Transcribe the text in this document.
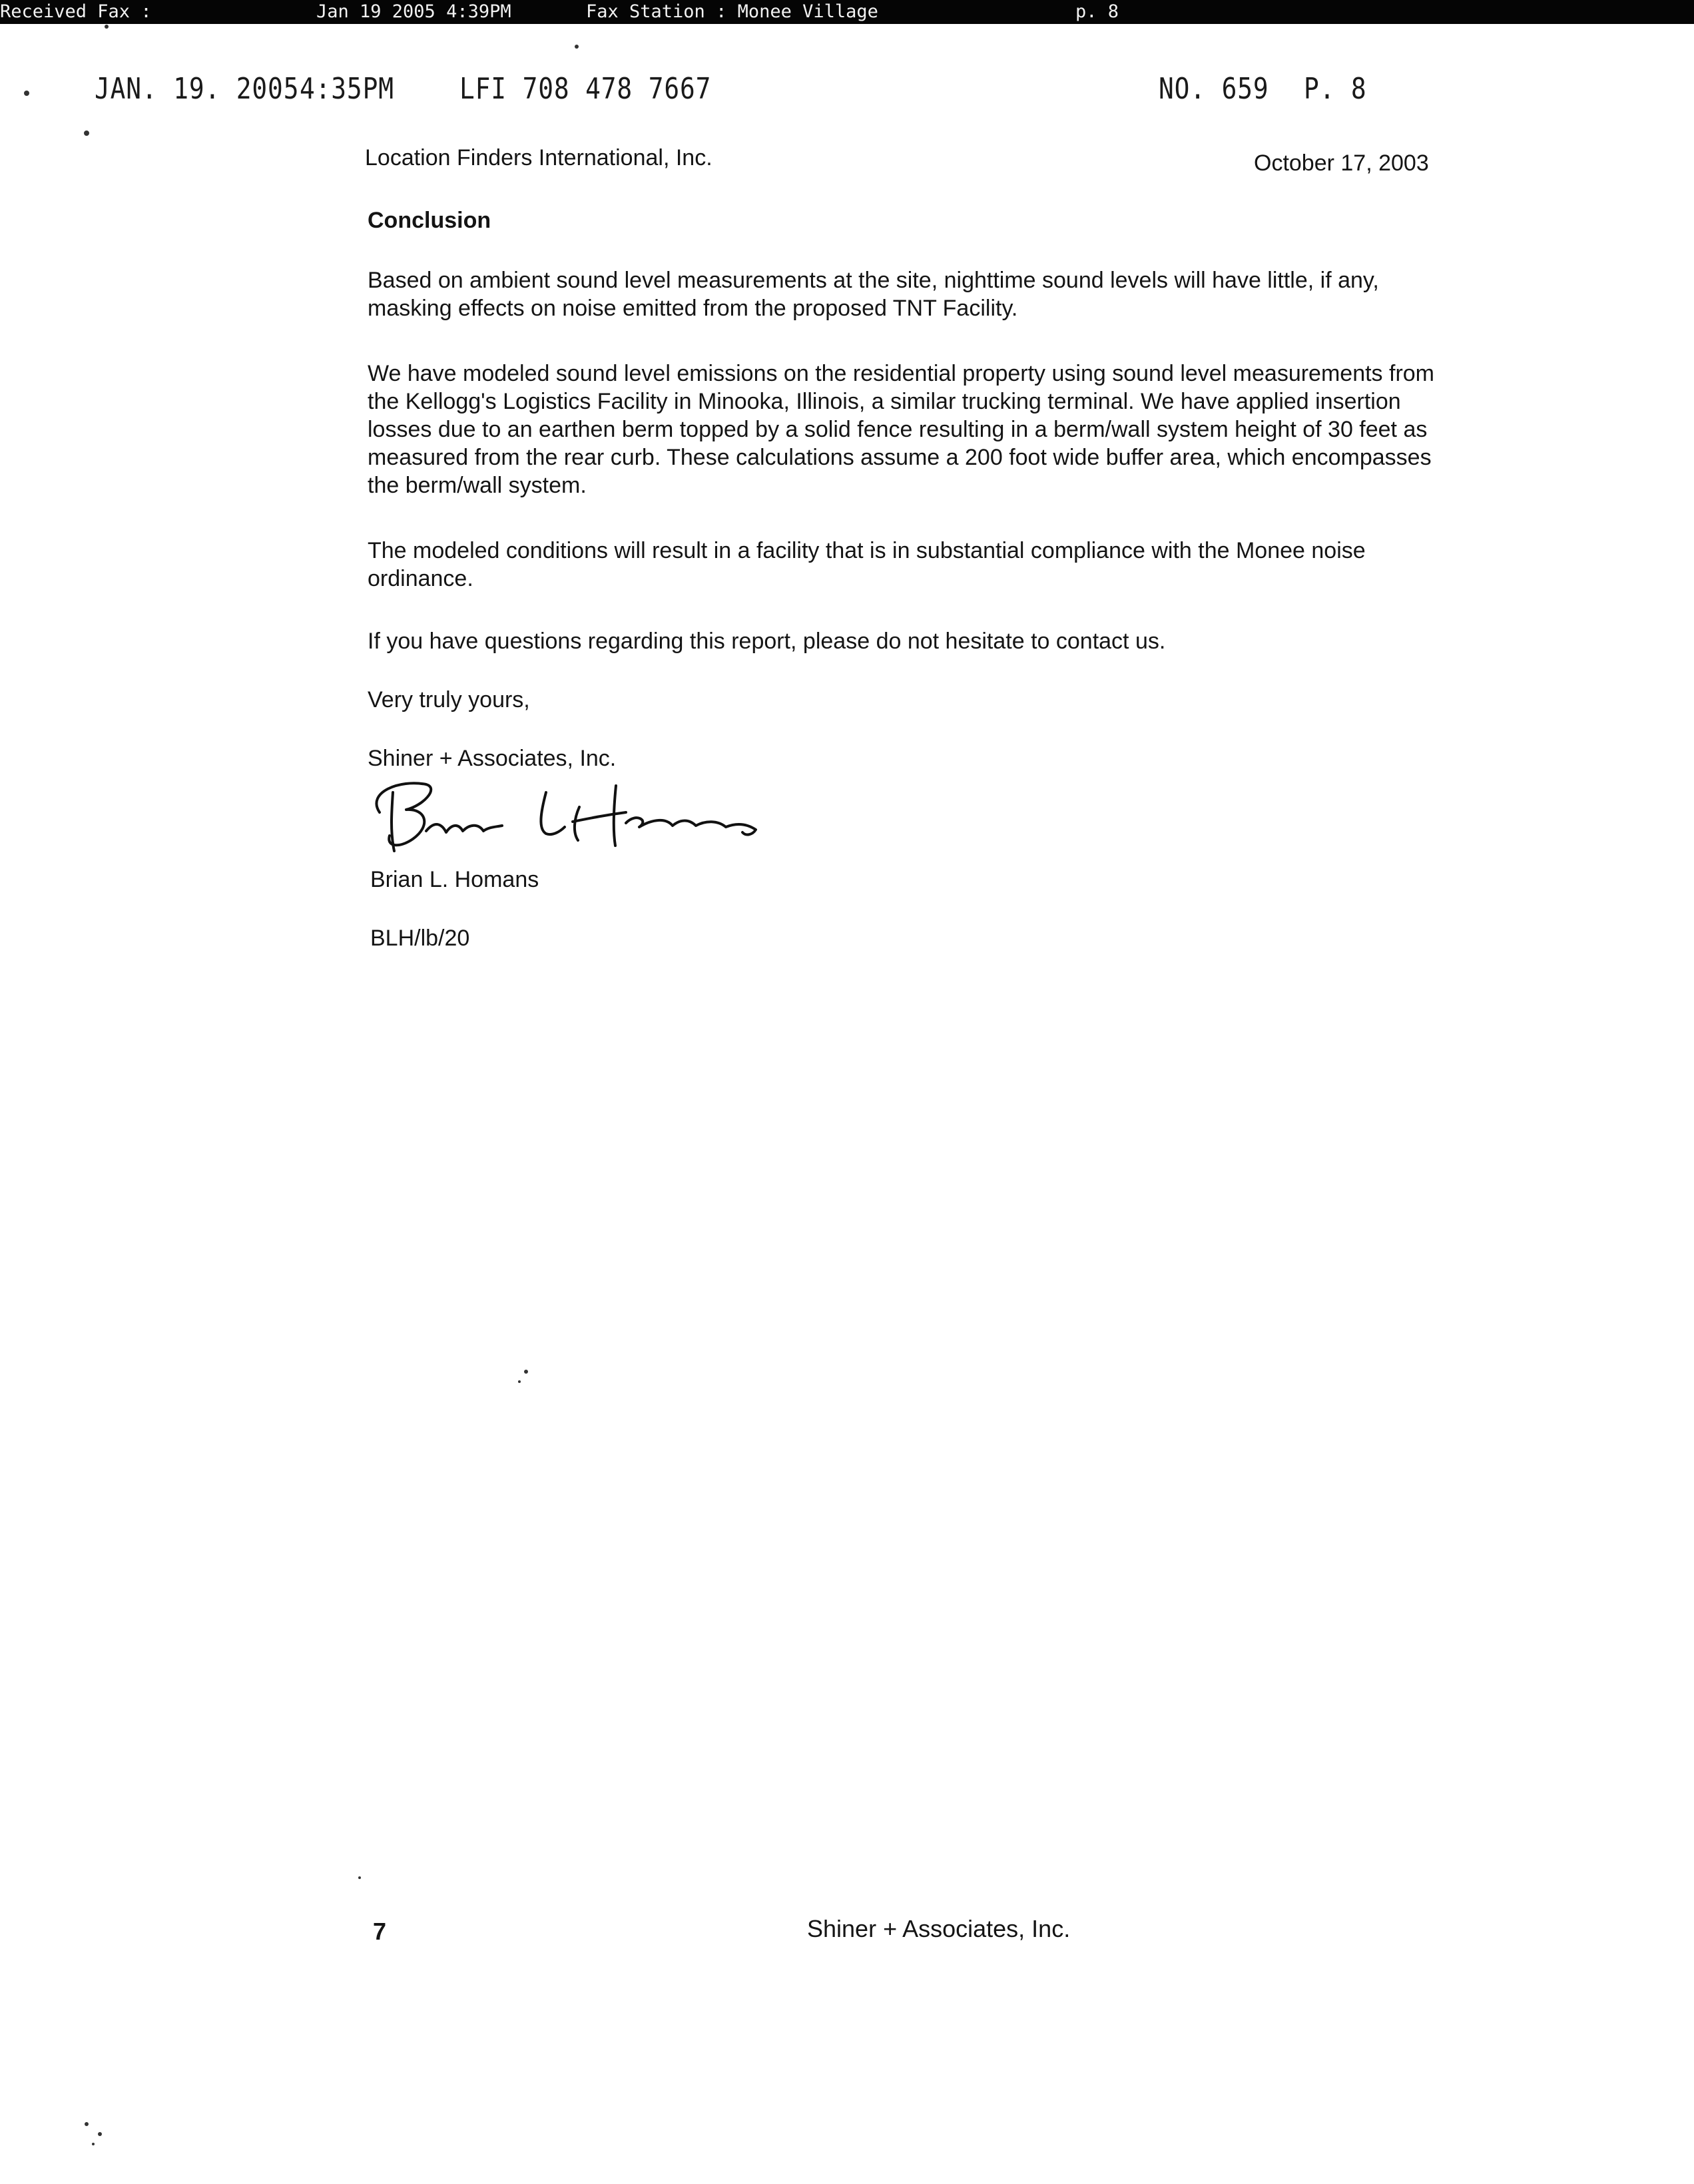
Received Fax :	Jan 19 2005 4:39PM	Fax Station : Monee Village	p. 8
JAN. 19. 2005 4:35PM LFI 708 478 7667	NO. 659 P. 8
Location Finders International, Inc.	October 17, 2003
Conclusion
Based on ambient sound level measurements at the site, nighttime sound levels will have little, if any, masking effects on noise emitted from the proposed TNT Facility.
We have modeled sound level emissions on the residential property using sound level measurements from the Kellogg's Logistics Facility in Minooka, Illinois, a similar trucking terminal. We have applied insertion losses due to an earthen berm topped by a solid fence resulting in a berm/wall system height of 30 feet as measured from the rear curb. These calculations assume a 200 foot wide buffer area, which encompasses the berm/wall system.
The modeled conditions will result in a facility that is in substantial compliance with the Monee noise ordinance.
If you have questions regarding this report, please do not hesitate to contact us.
Very truly yours,
Shiner + Associates, Inc.
Brian L. Homans
BLH/lb/20
7	Shiner + Associates, Inc.
